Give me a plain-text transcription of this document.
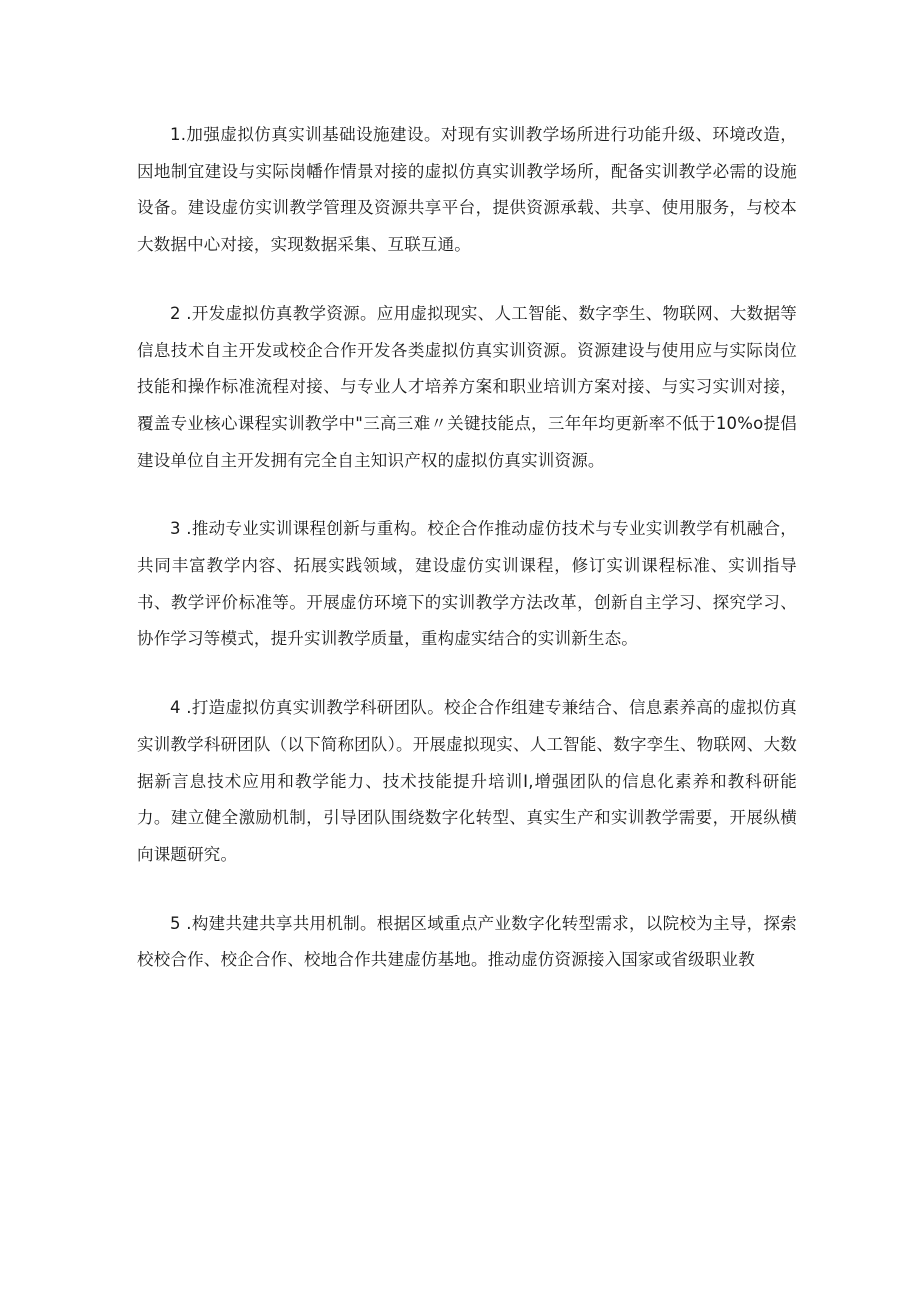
1.加强虚拟仿真实训基础设施建设。对现有实训教学场所进行功能升级、环境改造，因地制宜建设与实际岗幡作情景对接的虚拟仿真实训教学场所，配备实训教学必需的设施设备。建设虚仿实训教学管理及资源共享平台，提供资源承载、共享、使用服务，与校本大数据中心对接，实现数据采集、互联互通。

2 .开发虚拟仿真教学资源。应用虚拟现实、人工智能、数字孪生、物联网、大数据等信息技术自主开发或校企合作开发各类虚拟仿真实训资源。资源建设与使用应与实际岗位技能和操作标准流程对接、与专业人才培养方案和职业培训方案对接、与实习实训对接，覆盖专业核心课程实训教学中"三高三难〃关键技能点，三年年均更新率不低于10%o提倡建设单位自主开发拥有完全自主知识产权的虚拟仿真实训资源。

3 .推动专业实训课程创新与重构。校企合作推动虚仿技术与专业实训教学有机融合，共同丰富教学内容、拓展实践领域，建设虚仿实训课程，修订实训课程标准、实训指导书、教学评价标准等。开展虚仿环境下的实训教学方法改革，创新自主学习、探究学习、协作学习等模式，提升实训教学质量，重构虚实结合的实训新生态。

4 .打造虚拟仿真实训教学科研团队。校企合作组建专兼结合、信息素养高的虚拟仿真实训教学科研团队（以下简称团队）。开展虚拟现实、人工智能、数字孪生、物联网、大数据新言息技术应用和教学能力、技术技能提升培训I,增强团队的信息化素养和教科研能力。建立健全激励机制，引导团队围绕数字化转型、真实生产和实训教学需要，开展纵横向课题研究。

5 .构建共建共享共用机制。根据区域重点产业数字化转型需求，以院校为主导，探索校校合作、校企合作、校地合作共建虚仿基地。推动虚仿资源接入国家或省级职业教
